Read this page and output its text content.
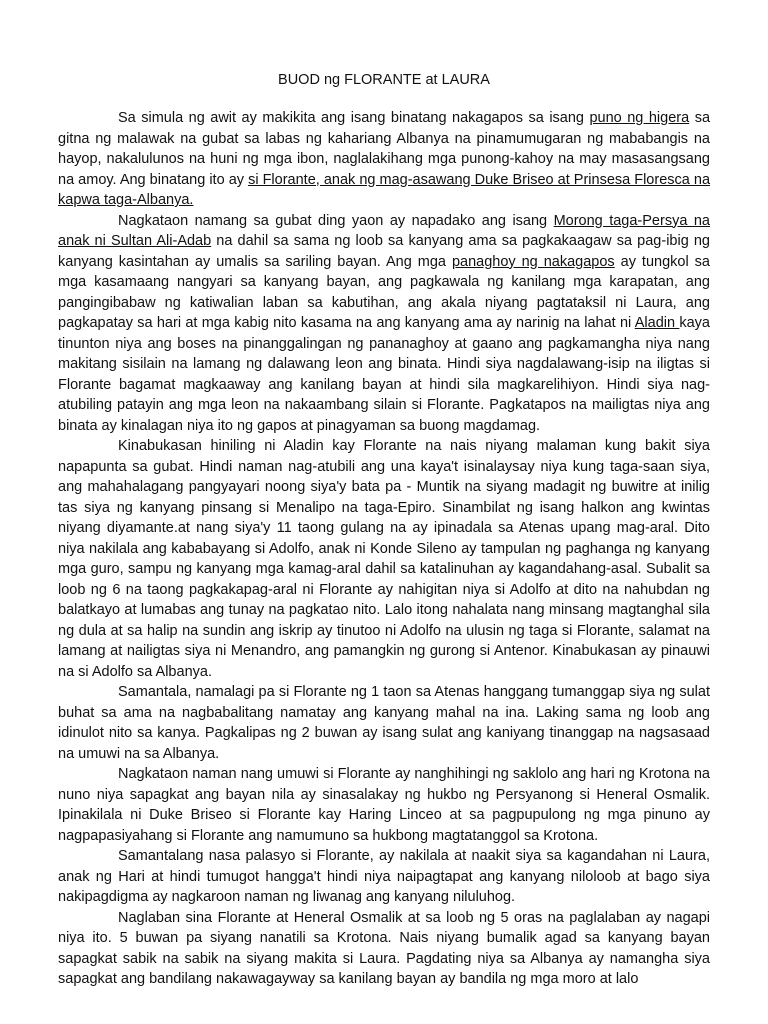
BUOD ng FLORANTE at LAURA

Sa simula ng awit ay makikita ang isang binatang nakagapos sa isang puno ng higera sa gitna ng malawak na gubat sa labas ng kahariang Albanya na pinamumugaran ng mababangis na hayop, nakalulunos na huni ng mga ibon, naglalakihang mga punong-kahoy na may masasangsang na amoy. Ang binatang ito ay si Florante, anak ng mag-asawang Duke Briseo at Prinsesa Floresca na kapwa taga-Albanya.

Nagkataon namang sa gubat ding yaon ay napadako ang isang Morong taga-Persya na anak ni Sultan Ali-Adab na dahil sa sama ng loob sa kanyang ama sa pagkakaagaw sa pag-ibig ng kanyang kasintahan ay umalis sa sariling bayan. Ang mga panaghoy ng nakagapos ay tungkol sa mga kasamaang nangyari sa kanyang bayan, ang pagkawala ng kanilang mga karapatan, ang pangingibabaw ng katiwalian laban sa kabutihan, ang akala niyang pagtataksil ni Laura, ang pagkapatay sa hari at mga kabig nito kasama na ang kanyang ama ay narinig na lahat ni Aladin kaya tinunton niya ang boses na pinanggalingan ng pananaghoy at gaano ang pagkamangha niya nang makitang sisilain na lamang ng dalawang leon ang binata. Hindi siya nagdalawang-isip na iligtas si Florante bagamat magkaaway ang kanilang bayan at hindi sila magkarelihiyon. Hindi siya nag-atubiling patayin ang mga leon na nakaambang silain si Florante. Pagkatapos na mailigtas niya ang binata ay kinalagan niya ito ng gapos at pinagyaman sa buong magdamag.

Kinabukasan hiniling ni Aladin kay Florante na nais niyang malaman kung bakit siya napapunta sa gubat. Hindi naman nag-atubili ang una kaya't isinalaysay niya kung taga-saan siya, ang mahahalagang pangyayari noong siya'y bata pa - Muntik na siyang madagit ng buwitre at inilig tas siya ng kanyang pinsang si Menalipo na taga-Epiro. Sinambilat ng isang halkon ang kwintas niyang diyamante.at nang siya'y 11 taong gulang na ay ipinadala sa Atenas upang mag-aral. Dito niya nakilala ang kababayang si Adolfo, anak ni Konde Sileno ay tampulan ng paghanga ng kanyang mga guro, sampu ng kanyang mga kamag-aral dahil sa katalinuhan ay kagandahang-asal. Subalit sa loob ng 6 na taong pagkakapag-aral ni Florante ay nahigitan niya si Adolfo at dito na nahubdan ng balatkayo at lumabas ang tunay na pagkatao nito. Lalo itong nahalata nang minsang magtanghal sila ng dula at sa halip na sundin ang iskrip ay tinutoo ni Adolfo na ulusin ng taga si Florante, salamat na lamang at nailigtas siya ni Menandro, ang pamangkin ng gurong si Antenor. Kinabukasan ay pinauwi na si Adolfo sa Albanya.

Samantala, namalagi pa si Florante ng 1 taon sa Atenas hanggang tumanggap siya ng sulat buhat sa ama na nagbabalitang namatay ang kanyang mahal na ina. Laking sama ng loob ang idinulot nito sa kanya. Pagkalipas ng 2 buwan ay isang sulat ang kaniyang tinanggap na nagsasaad na umuwi na sa Albanya.

Nagkataon naman nang umuwi si Florante ay nanghihingi ng saklolo ang hari ng Krotona na nuno niya sapagkat ang bayan nila ay sinasalakay ng hukbo ng Persyanong si Heneral Osmalik. Ipinakilala ni Duke Briseo si Florante kay Haring Linceo at sa pagpupulong ng mga pinuno ay nagpapasiyahang si Florante ang namumuno sa hukbong magtatanggol sa Krotona.

Samantalang nasa palasyo si Florante, ay nakilala at naakit siya sa kagandahan ni Laura, anak ng Hari at hindi tumugot hangga't hindi niya naipagtapat ang kanyang niloloob at bago siya nakipagdigma ay nagkaroon naman ng liwanag ang kanyang niluluhog.

Naglaban sina Florante at Heneral Osmalik at sa loob ng 5 oras na paglalaban ay nagapi niya ito. 5 buwan pa siyang nanatili sa Krotona. Nais niyang bumalik agad sa kanyang bayan sapagkat sabik na sabik na siyang makita si Laura. Pagdating niya sa Albanya ay namangha siya sapagkat ang bandilang nakawagayway sa kanilang bayan ay bandila ng mga moro at lalo
